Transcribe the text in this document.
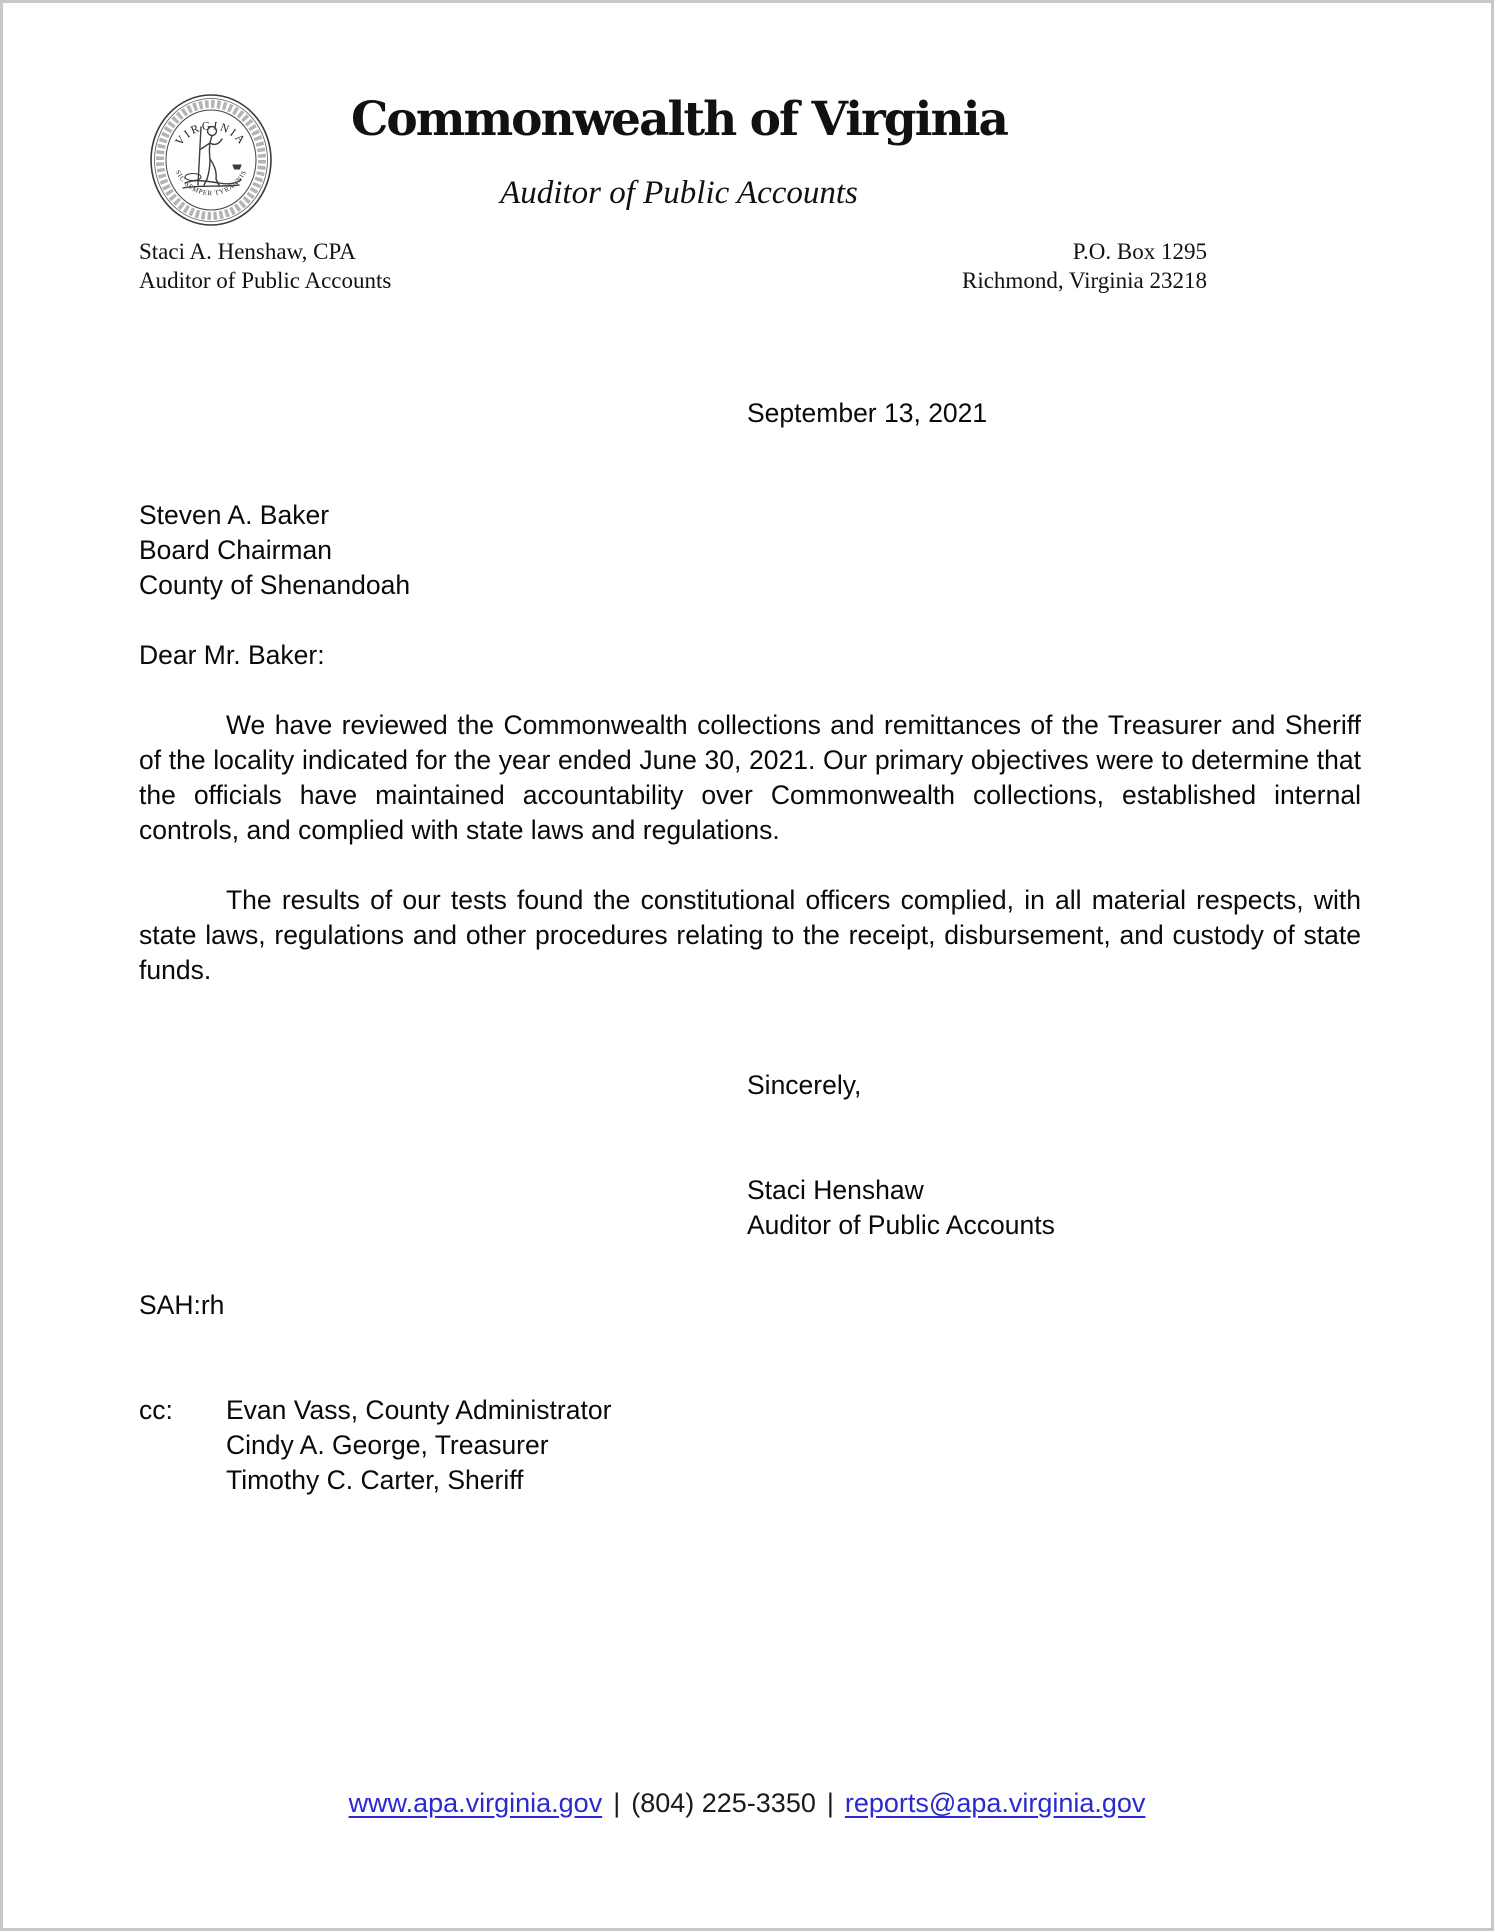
VIRGINIA
SIC SEMPER TYRANNIS
Commonwealth of Virginia
Auditor of Public Accounts
Staci A. Henshaw, CPA
Auditor of Public Accounts
P.O. Box 1295
Richmond, Virginia 23218
September 13, 2021
Steven A. Baker
Board Chairman
County of Shenandoah
Dear Mr. Baker:

We have reviewed the Commonwealth collections and remittances of the Treasurer and Sheriff of the locality indicated for the year ended June 30, 2021. Our primary objectives were to determine that the officials have maintained accountability over Commonwealth collections, established internal controls, and complied with state laws and regulations.

The results of our tests found the constitutional officers complied, in all material respects, with state laws, regulations and other procedures relating to the receipt, disbursement, and custody of state funds.

Sincerely,
Staci Henshaw
Auditor of Public Accounts
SAH:rh
cc:	Evan Vass, County Administrator
Cindy A. George, Treasurer
Timothy C. Carter, Sheriff
www.apa.virginia.gov | (804) 225-3350 | reports@apa.virginia.gov
